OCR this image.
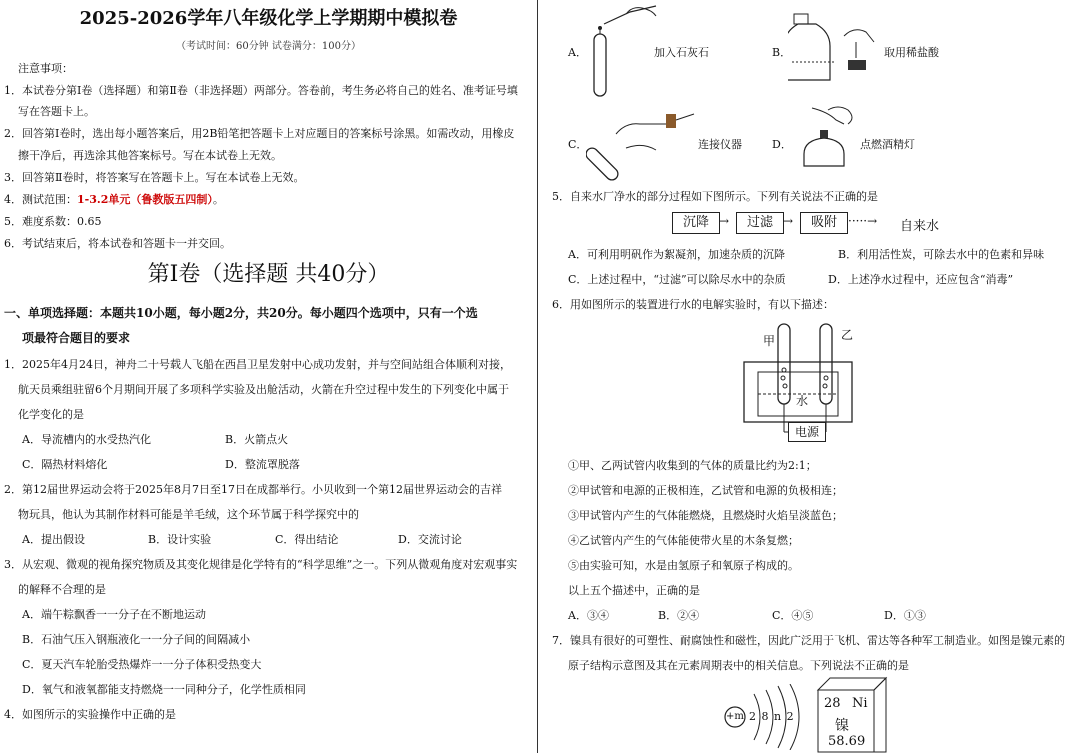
2025-2026学年八年级化学上学期期中模拟卷
（考试时间：60分钟 试卷满分：100分）
注意事项：
1．本试卷分第Ⅰ卷（选择题）和第Ⅱ卷（非选择题）两部分。答卷前，考生务必将自己的姓名、准考证号填
写在答题卡上。
2．回答第Ⅰ卷时，选出每小题答案后，用2B铅笔把答题卡上对应题目的答案标号涂黑。如需改动，用橡皮
擦干净后，再选涂其他答案标号。写在本试卷上无效。
3．回答第Ⅱ卷时，将答案写在答题卡上。写在本试卷上无效。
4．测试范围：1-3.2单元（鲁教版五四制）。
5．难度系数：0.65
6．考试结束后，将本试卷和答题卡一并交回。
第Ⅰ卷（选择题 共40分）
一、单项选择题：本题共10小题，每小题2分，共20分。每小题四个选项中，只有一个选
项最符合题目的要求
1．2025年4月24日，神舟二十号载人飞船在西昌卫星发射中心成功发射，并与空间站组合体顺利对接，
航天员乘组驻留6个月期间开展了多项科学实验及出舱活动，火箭在升空过程中发生的下列变化中属于
化学变化的是
A．导流槽内的水受热汽化	B．火箭点火
C．隔热材料熔化	D．整流罩脱落
2．第12届世界运动会将于2025年8月7日至17日在成都举行。小贝收到一个第12届世界运动会的吉祥
物玩具，他认为其制作材料可能是羊毛绒，这个环节属于科学探究中的
A．提出假设	B．设计实验	C．得出结论	D．交流讨论
3．从宏观、微观的视角探究物质及其变化规律是化学特有的“科学思维”之一。下列从微观角度对宏观事实
的解释不合理的是
A．端午粽飘香一一分子在不断地运动
B．石油气压入钢瓶液化一一分子间的间隔减小
C．夏天汽车轮胎受热爆炸一一分子体积受热变大
D．氧气和液氧都能支持燃烧一一同种分子，化学性质相同
4．如图所示的实验操作中正确的是
A．	加入石灰石	B．	取用稀盐酸
C．	连接仪器	D．	点燃酒精灯
5．自来水厂净水的部分过程如下图所示。下列有关说法不正确的是
沉降 →	过滤 →	吸附 ·····→ 自来水
A．可利用明矾作为絮凝剂，加速杂质的沉降	B．利用活性炭，可除去水中的色素和异味
C．上述过程中，“过滤”可以除尽水中的杂质	D．上述净水过程中，还应包含“消毒”
6．用如图所示的装置进行水的电解实验时，有以下描述：
甲	乙
水
电源
①甲、乙两试管内收集到的气体的质量比约为2:1；
②甲试管和电源的正极相连，乙试管和电源的负极相连；
③甲试管内产生的气体能燃烧，且燃烧时火焰呈淡蓝色；
④乙试管内产生的气体能使带火星的木条复燃；
⑤由实验可知，水是由氢原子和氧原子构成的。
以上五个描述中，正确的是
A．③④	B．②④	C．④⑤	D．①③
7．镍具有很好的可塑性、耐腐蚀性和磁性，因此广泛用于飞机、雷达等各种军工制造业。如图是镍元素的
原子结构示意图及其在元素周期表中的相关信息。下列说法不正确的是
+m 2 8 n 2
28 Ni
镍
58.69
